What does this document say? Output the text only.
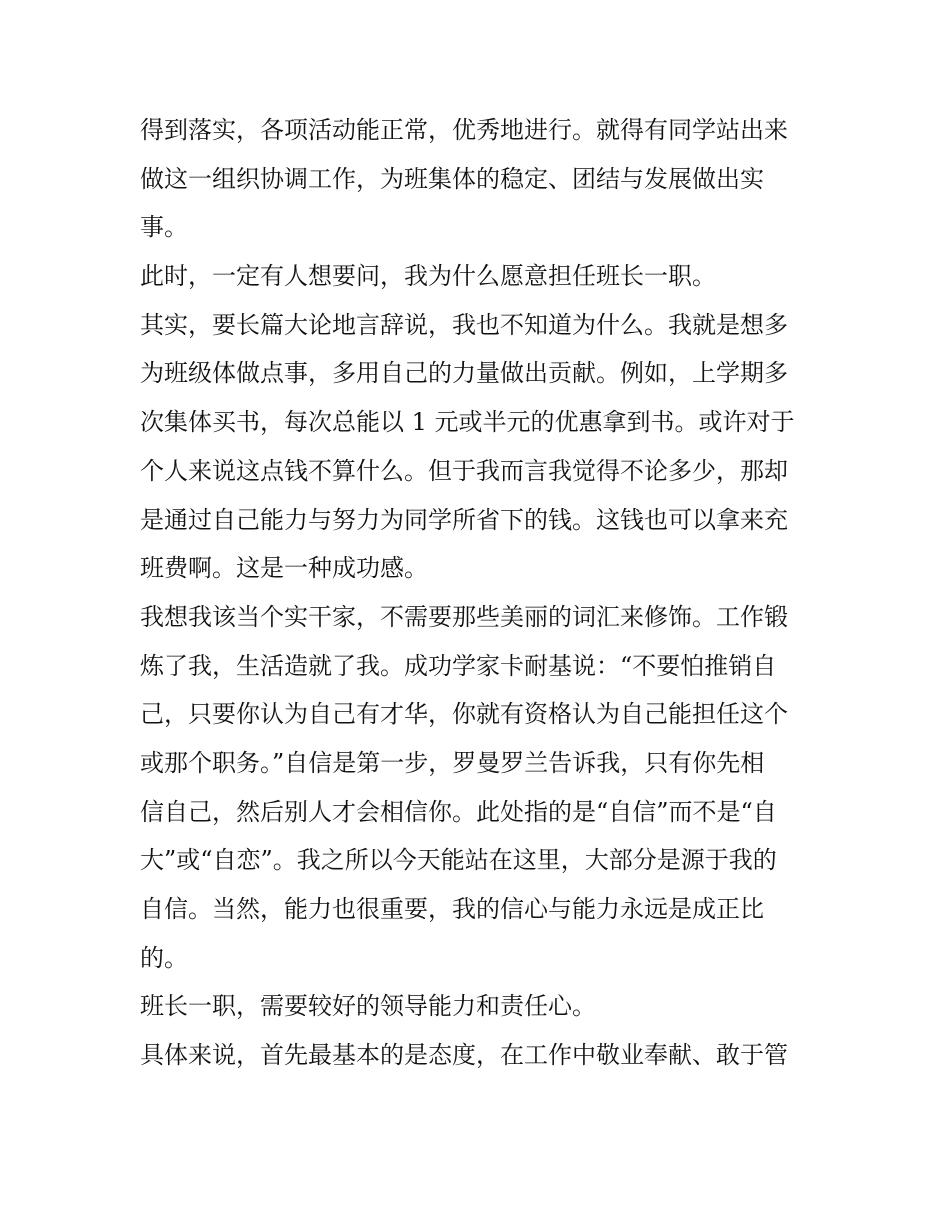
得到落实，各项活动能正常，优秀地进行。就得有同学站出来
做这一组织协调工作，为班集体的稳定、团结与发展做出实
事。
此时，一定有人想要问，我为什么愿意担任班长一职。
其实，要长篇大论地言辞说，我也不知道为什么。我就是想多
为班级体做点事，多用自己的力量做出贡献。例如，上学期多
次集体买书，每次总能以 1 元或半元的优惠拿到书。或许对于
个人来说这点钱不算什么。但于我而言我觉得不论多少，那却
是通过自己能力与努力为同学所省下的钱。这钱也可以拿来充
班费啊。这是一种成功感。
我想我该当个实干家，不需要那些美丽的词汇来修饰。工作锻
炼了我，生活造就了我。成功学家卡耐基说：“不要怕推销自
己，只要你认为自己有才华，你就有资格认为自己能担任这个
或那个职务。”自信是第一步，罗曼罗兰告诉我，只有你先相
信自己，然后别人才会相信你。此处指的是“自信”而不是“自
大”或“自恋”。我之所以今天能站在这里，大部分是源于我的
自信。当然，能力也很重要，我的信心与能力永远是成正比
的。
班长一职，需要较好的领导能力和责任心。
具体来说，首先最基本的是态度，在工作中敬业奉献、敢于管
